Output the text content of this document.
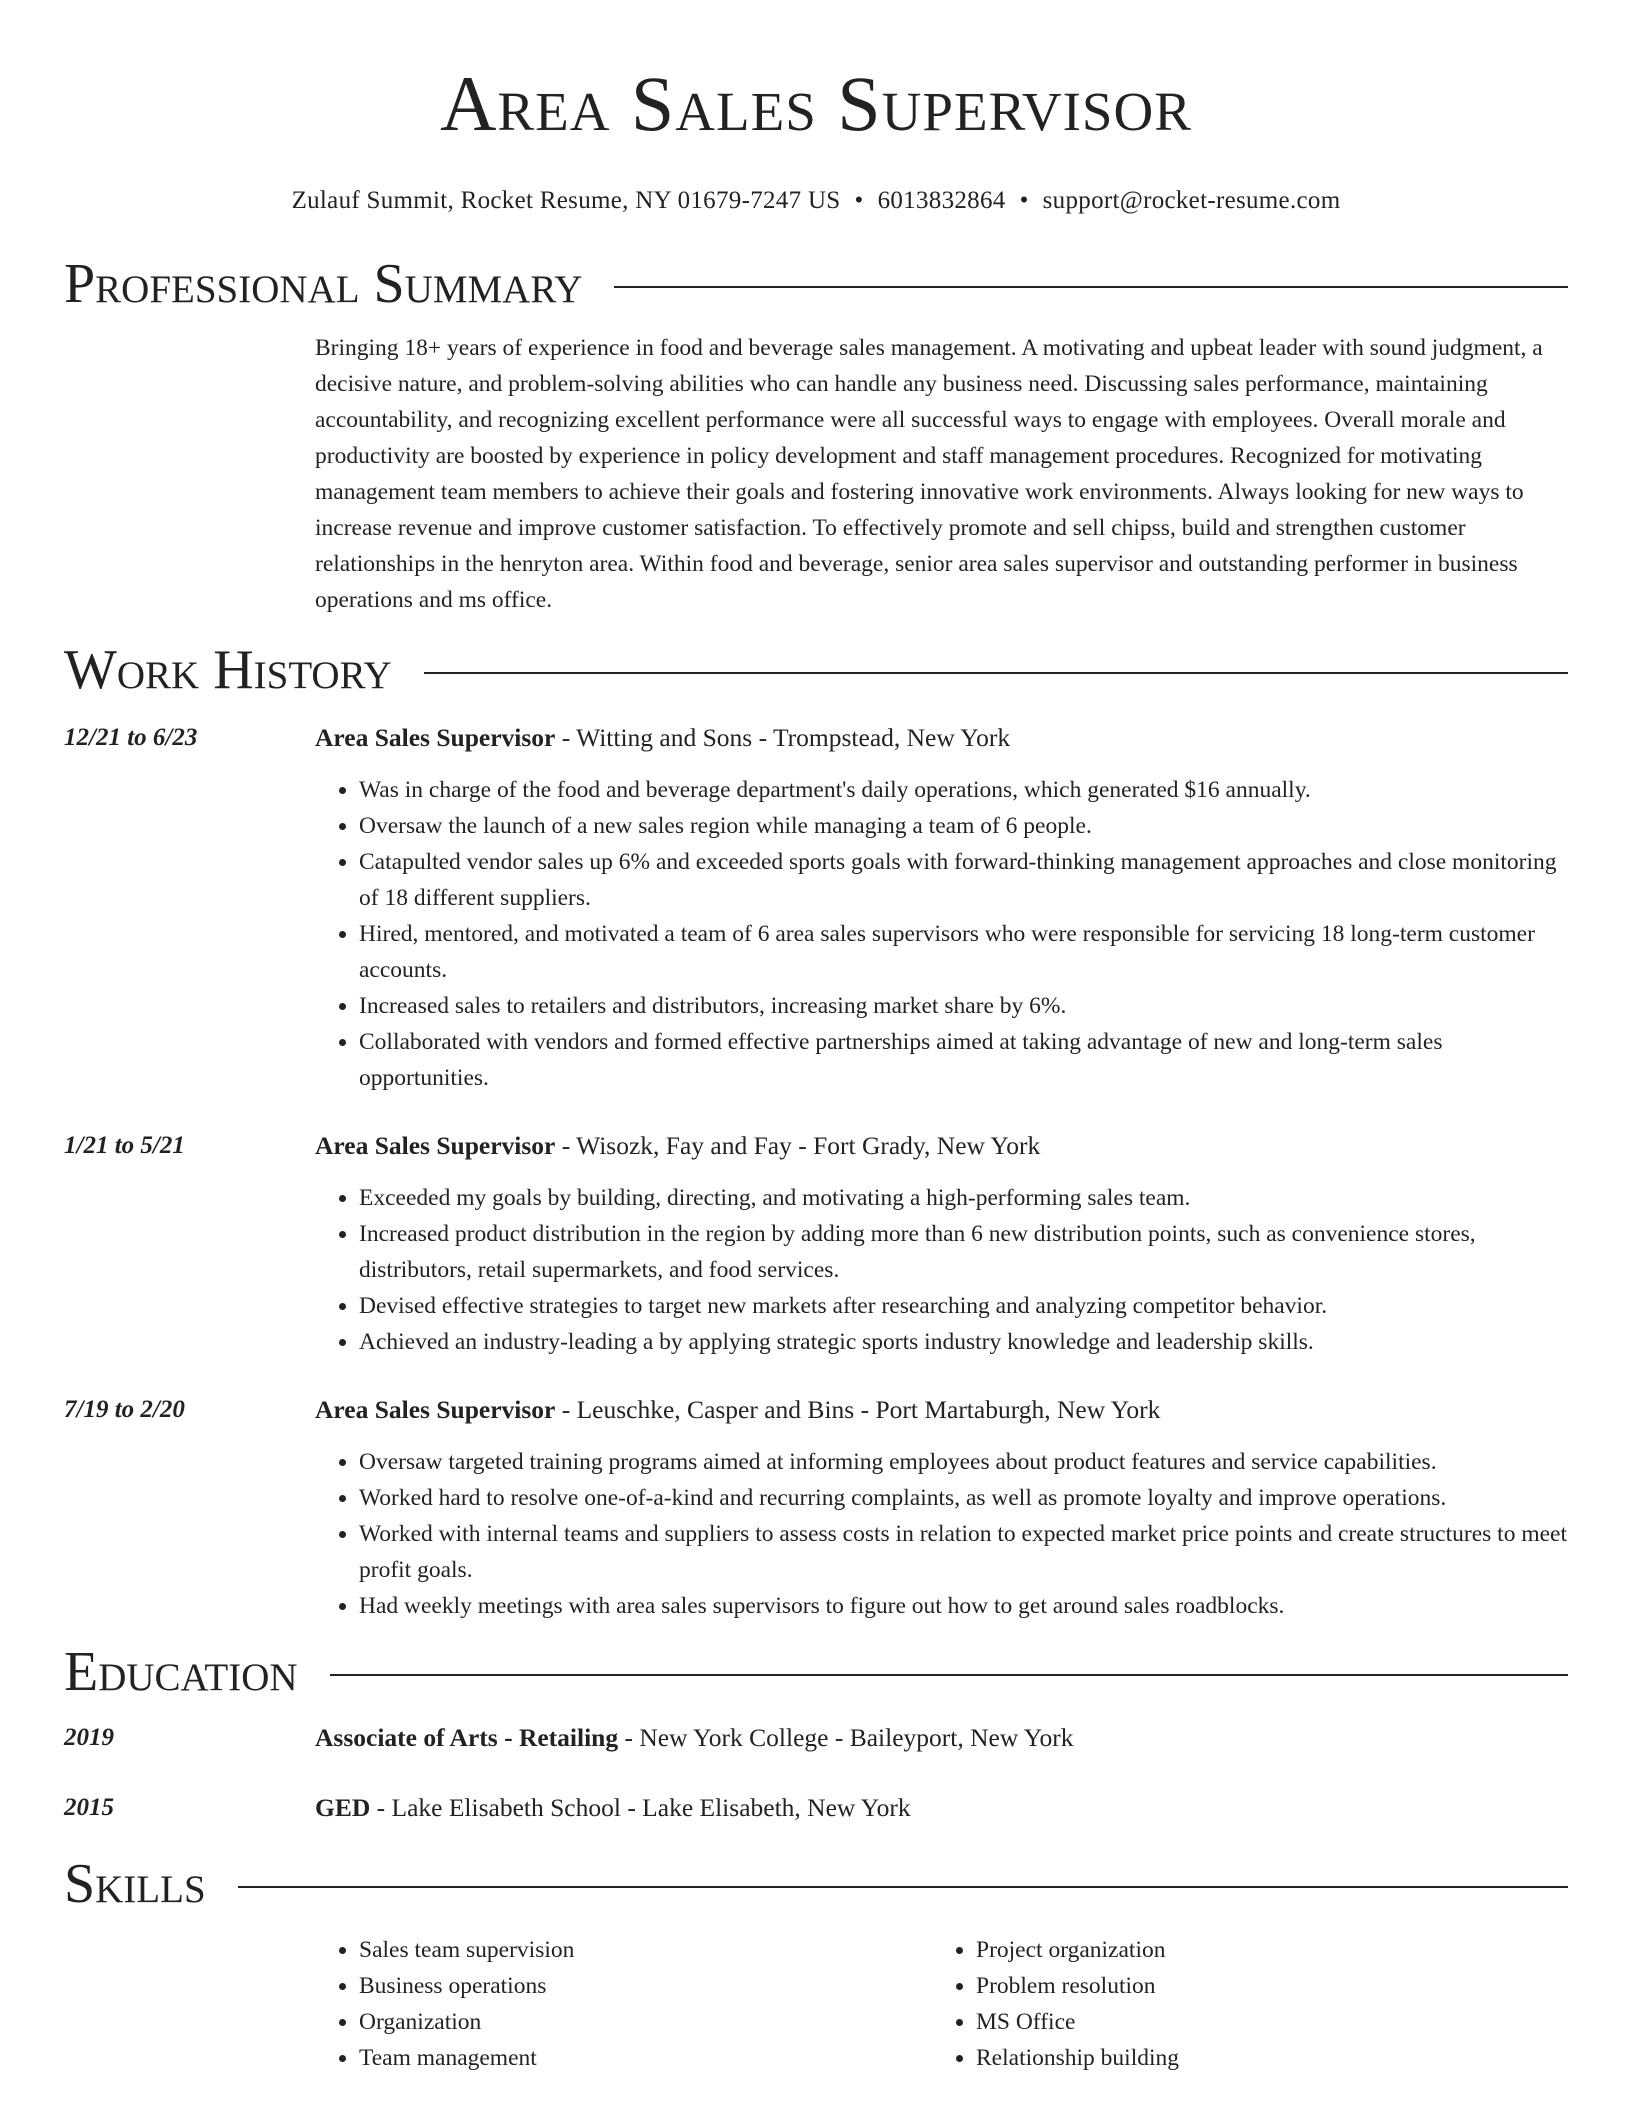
Area Sales Supervisor
Zulauf Summit, Rocket Resume, NY 01679-7247 US • 6013832864 • support@rocket-resume.com
Professional Summary
Bringing 18+ years of experience in food and beverage sales management. A motivating and upbeat leader with sound judgment, a decisive nature, and problem-solving abilities who can handle any business need. Discussing sales performance, maintaining accountability, and recognizing excellent performance were all successful ways to engage with employees. Overall morale and productivity are boosted by experience in policy development and staff management procedures. Recognized for motivating management team members to achieve their goals and fostering innovative work environments. Always looking for new ways to increase revenue and improve customer satisfaction. To effectively promote and sell chipss, build and strengthen customer relationships in the henryton area. Within food and beverage, senior area sales supervisor and outstanding performer in business operations and ms office.
Work History
12/21 to 6/23	Area Sales Supervisor - Witting and Sons - Trompstead, New York
• Was in charge of the food and beverage department's daily operations, which generated $16 annually.
• Oversaw the launch of a new sales region while managing a team of 6 people.
• Catapulted vendor sales up 6% and exceeded sports goals with forward-thinking management approaches and close monitoring of 18 different suppliers.
• Hired, mentored, and motivated a team of 6 area sales supervisors who were responsible for servicing 18 long-term customer accounts.
• Increased sales to retailers and distributors, increasing market share by 6%.
• Collaborated with vendors and formed effective partnerships aimed at taking advantage of new and long-term sales opportunities.
1/21 to 5/21	Area Sales Supervisor - Wisozk, Fay and Fay - Fort Grady, New York
• Exceeded my goals by building, directing, and motivating a high-performing sales team.
• Increased product distribution in the region by adding more than 6 new distribution points, such as convenience stores, distributors, retail supermarkets, and food services.
• Devised effective strategies to target new markets after researching and analyzing competitor behavior.
• Achieved an industry-leading a by applying strategic sports industry knowledge and leadership skills.
7/19 to 2/20	Area Sales Supervisor - Leuschke, Casper and Bins - Port Martaburgh, New York
• Oversaw targeted training programs aimed at informing employees about product features and service capabilities.
• Worked hard to resolve one-of-a-kind and recurring complaints, as well as promote loyalty and improve operations.
• Worked with internal teams and suppliers to assess costs in relation to expected market price points and create structures to meet profit goals.
• Had weekly meetings with area sales supervisors to figure out how to get around sales roadblocks.
Education
2019	Associate of Arts - Retailing - New York College - Baileyport, New York
2015	GED - Lake Elisabeth School - Lake Elisabeth, New York
Skills
• Sales team supervision
• Business operations
• Organization
• Team management
• Project organization
• Problem resolution
• MS Office
• Relationship building
